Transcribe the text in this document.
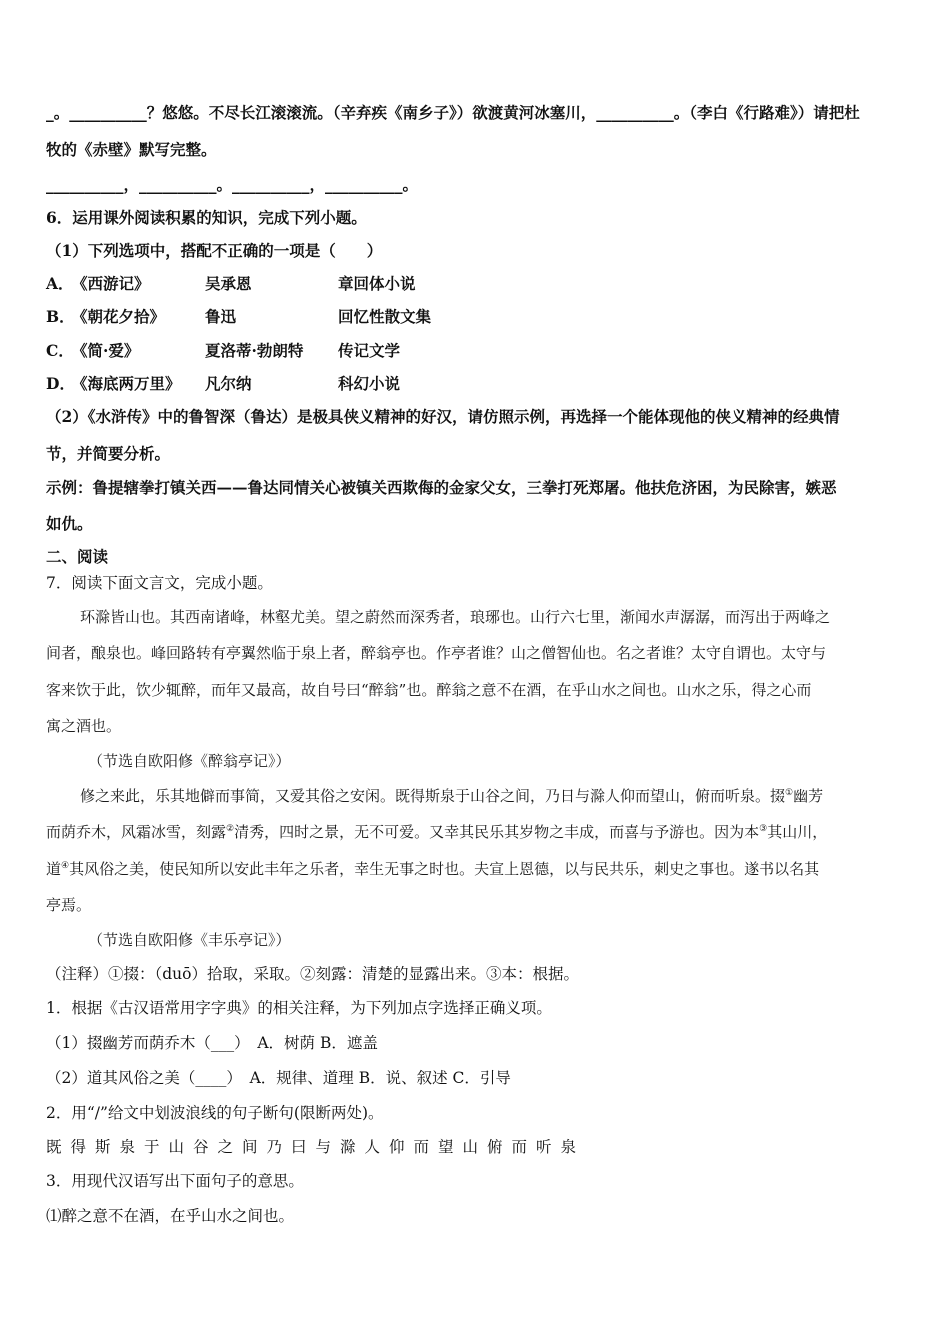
_。__________？悠悠。不尽长江滚滚流。（辛弃疾《南乡子》）欲渡黄河冰塞川，__________。（李白《行路难》）请把杜
牧的《赤壁》默写完整。
__________，__________。__________，__________。
6．运用课外阅读积累的知识，完成下列小题。
（1）下列选项中，搭配不正确的一项是（　　）
A．
《西游记》	吴承恩	章回体小说
B．
《朝花夕拾》	鲁迅	回忆性散文集
C．
《简·爱》	夏洛蒂·勃朗特 传记文学
D．
《海底两万里》 凡尔纳	科幻小说
（2）《水浒传》中的鲁智深（鲁达）是极具侠义精神的好汉，请仿照示例，再选择一个能体现他的侠义精神的经典情
节，并简要分析。
示例：鲁提辖拳打镇关西——鲁达同情关心被镇关西欺侮的金家父女，三拳打死郑屠。他扶危济困，为民除害，嫉恶
如仇。
二、阅读
7．阅读下面文言文，完成小题。
环滁皆山也。其西南诸峰，林壑尤美。望之蔚然而深秀者，琅琊也。山行六七里，渐闻水声潺潺，而泻出于两峰之
间者，酿泉也。峰回路转有亭翼然临于泉上者，醉翁亭也。作亭者谁？山之僧智仙也。名之者谁？太守自谓也。太守与
客来饮于此，饮少辄醉，而年又最高，故自号曰“醉翁”也。醉翁之意不在酒，在乎山水之间也。山水之乐，得之心而
寓之酒也。
（节选自欧阳修《醉翁亭记》）
修之来此，乐其地僻而事简，又爱其俗之安闲。既得斯泉于山谷之间，乃日与滁人仰而望山，俯而听泉。掇①幽芳
而荫乔木，风霜冰雪，刻露②清秀，四时之景，无不可爱。又幸其民乐其岁物之丰成，而喜与予游也。因为本③其山川，
道④其风俗之美，使民知所以安此丰年之乐者，幸生无事之时也。夫宣上恩德，以与民共乐，刺史之事也。遂书以名其
亭焉。
（节选自欧阳修《丰乐亭记》）
（注释）①掇：（duō）拾取，采取。②刻露：清楚的显露出来。③本：根据。
1．根据《古汉语常用字字典》的相关注释，为下列加点字选择正确义项。
（1）掇幽芳而荫乔木（___）　A．树荫 B．遮盖
（2）道其风俗之美（____）　A．规律、道理 B．说、叙述 C．引导
2．用“/”给文中划波浪线的句子断句(限断两处)。
既得斯泉于山谷之间乃曰与滁人仰而望山俯而听泉
3．用现代汉语写出下面句子的意思。
⑴醉之意不在酒，在乎山水之间也。
